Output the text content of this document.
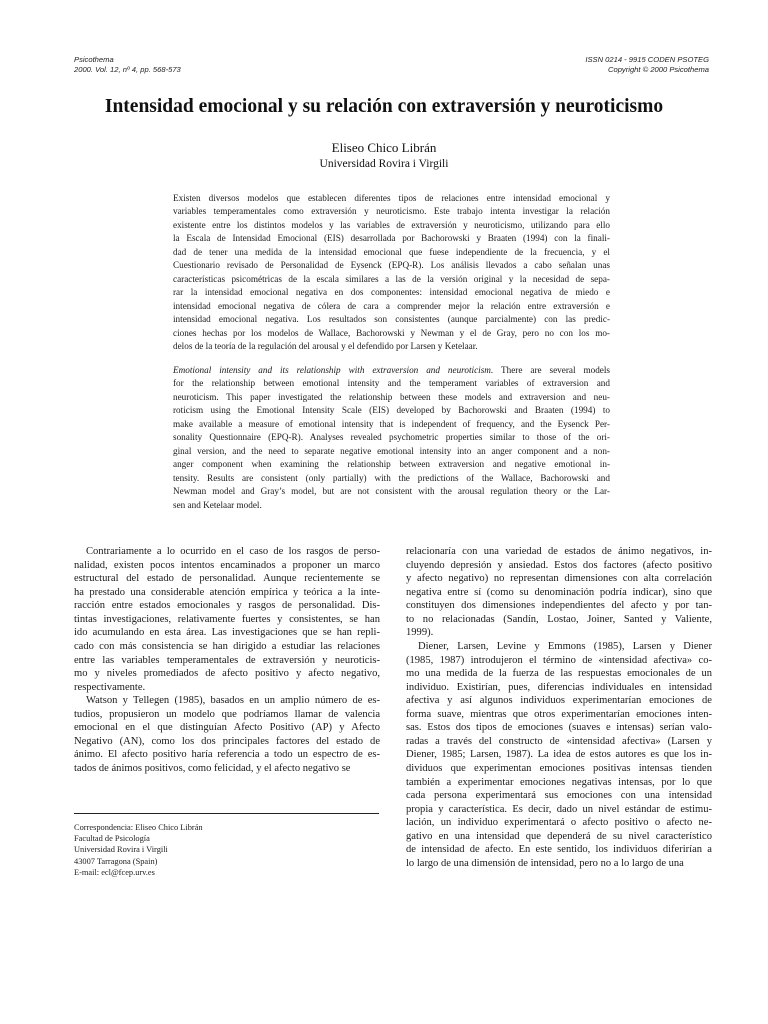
Psicothema
2000. Vol. 12, nº 4, pp. 568-573
ISSN 0214 - 9915 CODEN PSOTEG
Copyright © 2000 Psicothema
Intensidad emocional y su relación con extraversión y neuroticismo
Eliseo Chico Librán
Universidad Rovira i Virgili
Existen diversos modelos que establecen diferentes tipos de relaciones entre intensidad emocional y
variables temperamentales como extraversión y neuroticismo. Este trabajo intenta investigar la relación
existente entre los distintos modelos y las variables de extraversión y neuroticismo, utilizando para ello
la Escala de Intensidad Emocional (EIS) desarrollada por Bachorowski y Braaten (1994) con la finali-
dad de tener una medida de la intensidad emocional que fuese independiente de la frecuencia, y el
Cuestionario revisado de Personalidad de Eysenck (EPQ-R). Los análisis llevados a cabo señalan unas
características psicométricas de la escala similares a las de la versión original y la necesidad de sepa-
rar la intensidad emocional negativa en dos componentes: intensidad emocional negativa de miedo e
intensidad emocional negativa de cólera de cara a comprender mejor la relación entre extraversión e
intensidad emocional negativa. Los resultados son consistentes (aunque parcialmente) con las predic-
ciones hechas por los modelos de Wallace, Bachorowski y Newman y el de Gray, pero no con los mo-
delos de la teoría de la regulación del arousal y el defendido por Larsen y Ketelaar.
Emotional intensity and its relationship with extraversion and neuroticism. There are several models
for the relationship between emotional intensity and the temperament variables of extraversion and
neuroticism. This paper investigated the relationship between these models and extraversion and neu-
roticism using the Emotional Intensity Scale (EIS) developed by Bachorowski and Braaten (1994) to
make available a measure of emotional intensity that is independent of frequency, and the Eysenck Per-
sonality Questionnaire (EPQ-R). Analyses revealed psychometric properties similar to those of the ori-
ginal version, and the need to separate negative emotional intensity into an anger component and a non-
anger component when examining the relationship between extraversion and negative emotional in-
tensity. Results are consistent (only partially) with the predictions of the Wallace, Bachorowski and
Newman model and Gray’s model, but are not consistent with the arousal regulation theory or the Lar-
sen and Ketelaar model.
Contrariamente a lo ocurrido en el caso de los rasgos de perso-
nalidad, existen pocos intentos encaminados a proponer un marco
estructural del estado de personalidad. Aunque recientemente se
ha prestado una considerable atención empírica y teórica a la inte-
racción entre estados emocionales y rasgos de personalidad. Dis-
tintas investigaciones, relativamente fuertes y consistentes, se han
ido acumulando en esta área. Las investigaciones que se han repli-
cado con más consistencia se han dirigido a estudiar las relaciones
entre las variables temperamentales de extraversión y neuroticis-
mo y niveles promediados de afecto positivo y afecto negativo,
respectivamente.
Watson y Tellegen (1985), basados en un amplio número de es-
tudios, propusieron un modelo que podríamos llamar de valencia
emocional en el que distinguían Afecto Positivo (AP) y Afecto
Negativo (AN), como los dos principales factores del estado de
ánimo. El afecto positivo haría referencia a todo un espectro de es-
tados de ánimos positivos, como felicidad, y el afecto negativo se
relacionaría con una variedad de estados de ánimo negativos, in-
cluyendo depresión y ansiedad. Estos dos factores (afecto positivo
y afecto negativo) no representan dimensiones con alta correlación
negativa entre sí (como su denominación podría indicar), sino que
constituyen dos dimensiones independientes del afecto y por tan-
to no relacionadas (Sandín, Lostao, Joiner, Santed y Valiente,
1999).
Diener, Larsen, Levine y Emmons (1985), Larsen y Diener
(1985, 1987) introdujeron el término de «intensidad afectiva» co-
mo una medida de la fuerza de las respuestas emocionales de un
individuo. Existirían, pues, diferencias individuales en intensidad
afectiva y así algunos individuos experimentarían emociones de
forma suave, mientras que otros experimentarían emociones inten-
sas. Estos dos tipos de emociones (suaves e intensas) serían valo-
radas a través del constructo de «intensidad afectiva» (Larsen y
Diener, 1985; Larsen, 1987). La idea de estos autores es que los in-
dividuos que experimentan emociones positivas intensas tienden
también a experimentar emociones negativas intensas, por lo que
cada persona experimentará sus emociones con una intensidad
propia y característica. Es decir, dado un nivel estándar de estimu-
lación, un individuo experimentará o afecto positivo o afecto ne-
gativo en una intensidad que dependerá de su nivel característico
de intensidad de afecto. En este sentido, los individuos diferirían a
lo largo de una dimensión de intensidad, pero no a lo largo de una
Correspondencia: Eliseo Chico Librán
Facultad de Psicología
Universidad Rovira i Virgili
43007 Tarragona (Spain)
E-mail: ecl@fcep.urv.es
